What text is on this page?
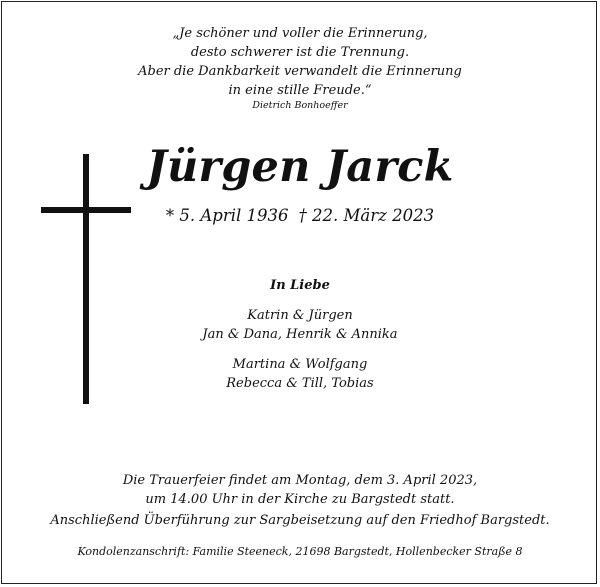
„Je schöner und voller die Erinnerung,
desto schwerer ist die Trennung.
Aber die Dankbarkeit verwandelt die Erinnerung
in eine stille Freude.“
Dietrich Bonhoeffer
Jürgen Jarck
* 5. April 1936 † 22. März 2023
In Liebe
Katrin & Jürgen
Jan & Dana, Henrik & Annika
Martina & Wolfgang
Rebecca & Till, Tobias
Die Trauerfeier findet am Montag, dem 3. April 2023,
um 14.00 Uhr in der Kirche zu Bargstedt statt.
Anschließend Überführung zur Sargbeisetzung auf den Friedhof Bargstedt.
Kondolenzanschrift: Familie Steeneck, 21698 Bargstedt, Hollenbecker Straße 8
